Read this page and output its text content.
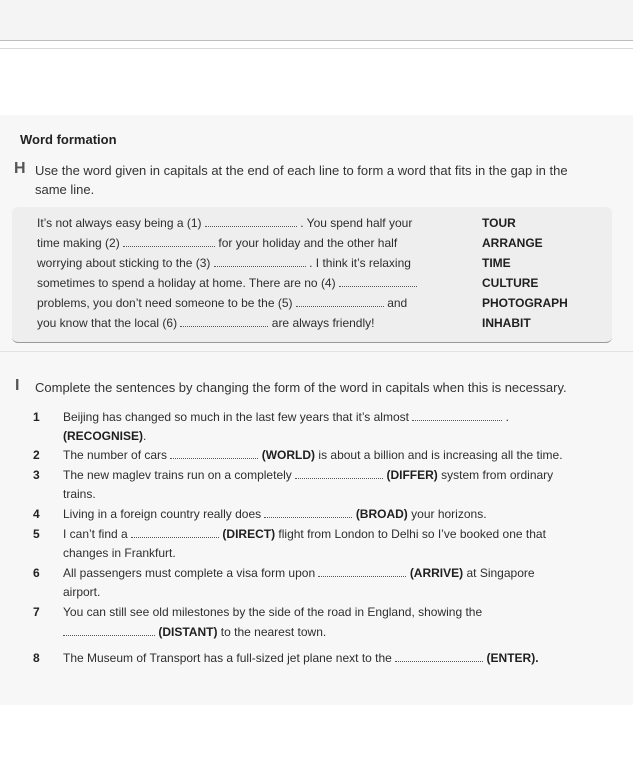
Word formation
H Use the word given in capitals at the end of each line to form a word that fits in the gap in the
same line.
It’s not always easy being a (1)	. You spend half your	TOUR
time making (2)	for your holiday and the other half	ARRANGE
worrying about sticking to the (3)	. I think it’s relaxing	TIME
sometimes to spend a holiday at home. There are no (4)	CULTURE
problems, you don’t need someone to be the (5)	and	PHOTOGRAPH
you know that the local (6)	are always friendly!	INHABIT
I Complete the sentences by changing the form of the word in capitals when this is necessary.
1 Beijing has changed so much in the last few years that it’s almost	.
(RECOGNISE).
2 The number of cars	(WORLD) is about a billion and is increasing all the time.
3 The new maglev trains run on a completely	(DIFFER) system from ordinary
trains.
4 Living in a foreign country really does	(BROAD) your horizons.
5 I can’t find a	(DIRECT) flight from London to Delhi so I’ve booked one that
changes in Frankfurt.
6 All passengers must complete a visa form upon	(ARRIVE) at Singapore
airport.
7 You can still see old milestones by the side of the road in England, showing the
(DISTANT) to the nearest town.
8 The Museum of Transport has a full-sized jet plane next to the	(ENTER).
